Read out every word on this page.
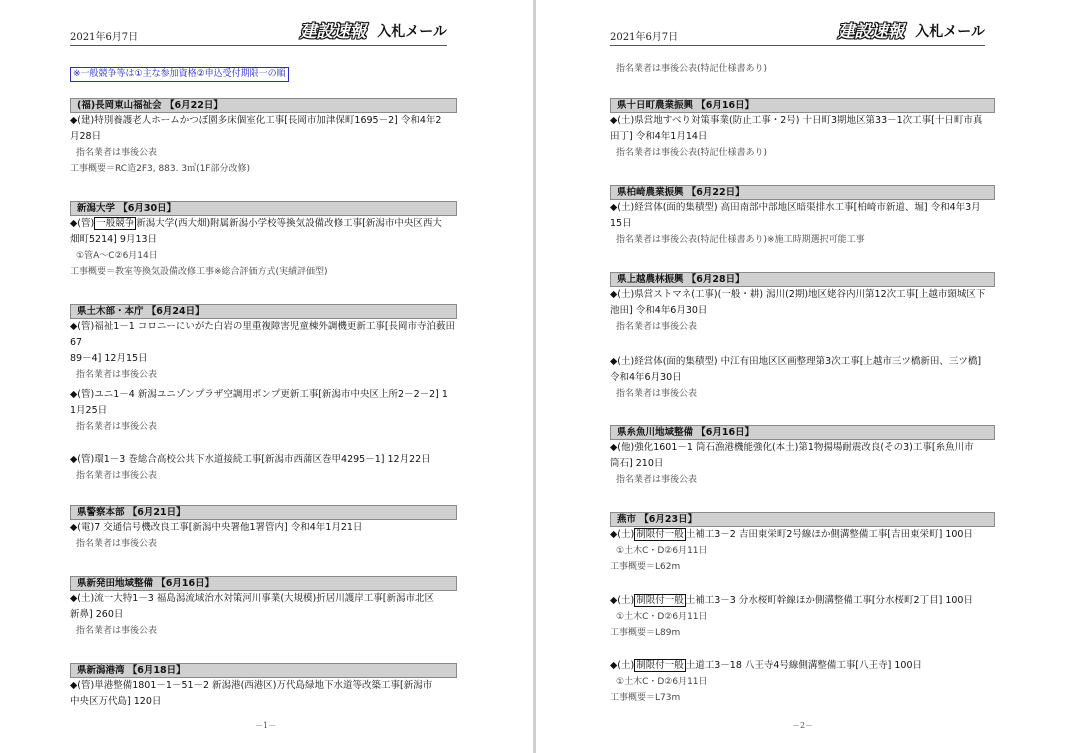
2021年6月7日	建設速報 入札メール
※一般競争等は①主な参加資格②申込受付期限一の順
(福)長岡東山福祉会 【6月22日】
◆(建)特別養護老人ホームかつぼ園多床個室化工事[長岡市加津保町1695－2] 令和4年2
月28日
指名業者は事後公表
工事概要＝RC造2F3, 883. 3㎡(1F部分改修)
新潟大学 【6月30日】
◆(管) 一般競争 新潟大学(西大畑)附属新潟小学校等換気設備改修工事[新潟市中央区西大
畑町5214] 9月13日
①管A～C②6月14日
工事概要＝教室等換気設備改修工事※総合評価方式(実績評価型)
県土木部・本庁 【6月24日】
◆(管)福祉1－1 コロニーにいがた白岩の里重複障害児童棟外調機更新工事[長岡市寺泊薮田67
89－4] 12月15日
指名業者は事後公表
◆(管)ユニ1－4 新潟ユニゾンプラザ空調用ポンプ更新工事[新潟市中央区上所2－2－2] 1
1月25日
指名業者は事後公表
◆(管)環1－3 巻総合高校公共下水道接続工事[新潟市西蒲区巻甲4295－1] 12月22日
指名業者は事後公表
県警察本部 【6月21日】
◆(電)7 交通信号機改良工事[新潟中央署他1署管内] 令和4年1月21日
指名業者は事後公表
県新発田地域整備 【6月16日】
◆(土)流一大特1－3 福島潟流域治水対策河川事業(大規模)折居川護岸工事[新潟市北区
新鼻] 260日
指名業者は事後公表
県新潟港湾 【6月18日】
◆(管)単港整備1801－1－51－2 新潟港(西港区)万代島緑地下水道等改築工事[新潟市
中央区万代島] 120日
－1－
2021年6月7日	建設速報 入札メール
指名業者は事後公表(特記仕様書あり)
県十日町農業振興 【6月16日】
◆(土)県営地すべり対策事業(防止工事・2号) 十日町3期地区第33－1次工事[十日町市真
田丁] 令和4年1月14日
指名業者は事後公表(特記仕様書あり)
県柏崎農業振興 【6月22日】
◆(土)経営体(面的集積型) 高田南部中部地区暗渠排水工事[柏崎市新道、堀] 令和4年3月
15日
指名業者は事後公表(特記仕様書あり)※施工時期選択可能工事
県上越農林振興 【6月28日】
◆(土)県営ストマネ(工事)(一般・耕) 潟川(2期)地区姥谷内川第12次工事[上越市頸城区下
池田] 令和4年6月30日
指名業者は事後公表
◆(土)経営体(面的集積型) 中江有田地区区画整理第3次工事[上越市三ツ橋新田、三ツ橋]
令和4年6月30日
指名業者は事後公表
県糸魚川地域整備 【6月16日】
◆(他)強化1601－1 筒石漁港機能強化(本土)第1物揚場耐震改良(その3)工事[糸魚川市
筒石] 210日
指名業者は事後公表
燕市 【6月23日】
◆(土) 制限付一般 土補工3－2 吉田東栄町2号線ほか側溝整備工事[吉田東栄町] 100日
①土木C・D②6月11日
工事概要＝L62m
◆(土) 制限付一般 土補工3－3 分水桜町幹線ほか側溝整備工事[分水桜町2丁目] 100日
①土木C・D②6月11日
工事概要＝L89m
◆(土) 制限付一般 土道工3－18 八王寺4号線側溝整備工事[八王寺] 100日
①土木C・D②6月11日
工事概要＝L73m
－2－
